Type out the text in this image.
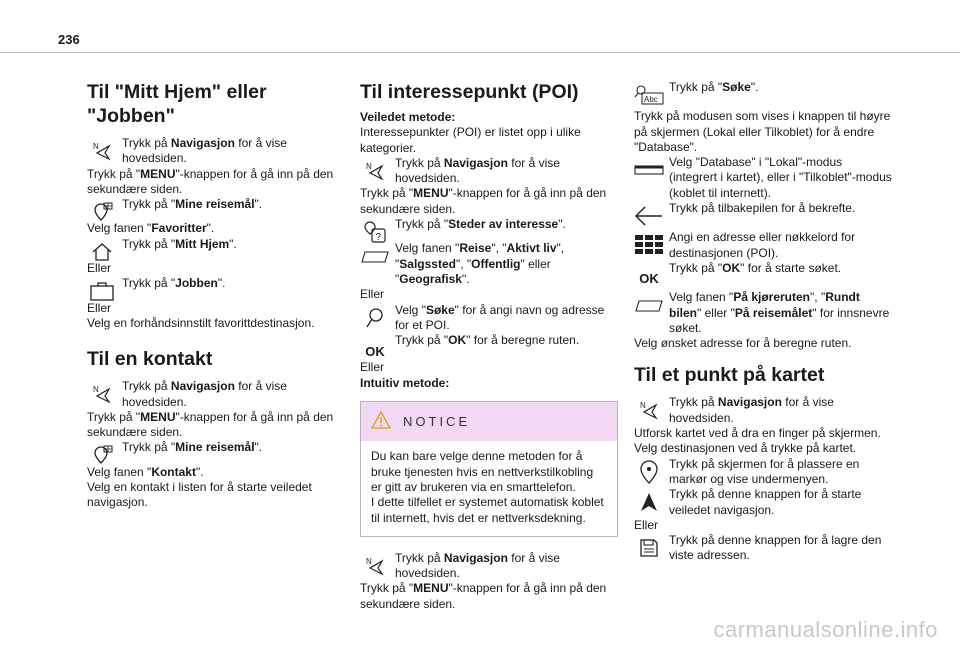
236
Til "Mitt Hjem" eller "Jobben"
N Trykk på Navigasjon for å vise hovedsiden.

Trykk på "MENU"-knappen for å gå inn på den sekundære siden.

Trykk på "Mine reisemål".

Velg fanen "Favoritter".

Trykk på "Mitt Hjem".

Eller

Trykk på "Jobben".

Eller

Velg en forhåndsinnstilt favorittdestinasjon.

Til en kontakt
N Trykk på Navigasjon for å vise hovedsiden.

Trykk på "MENU"-knappen for å gå inn på den sekundære siden.

Trykk på "Mine reisemål".

Velg fanen "Kontakt".

Velg en kontakt i listen for å starte veiledet navigasjon.

Til interessepunkt (POI)

Veiledet metode:

Interessepunkter (POI) er listet opp i ulike kategorier.

N Trykk på Navigasjon for å vise hovedsiden.

Trykk på "MENU"-knappen for å gå inn på den sekundære siden.

?

Trykk på "Steder av interesse".

Velg fanen "Reise", "Aktivt liv", "Salgssted", "Offentlig" eller "Geografisk".

Eller

Velg "Søke" for å angi navn og adresse for et POI.

OK

Trykk på "OK" for å beregne ruten.

Eller

Intuitiv metode:

NOTICE
Du kan bare velge denne metoden for å bruke tjenesten hvis en nettverkstilkobling er gitt av brukeren via en smarttelefon.
I dette tilfellet er systemet automatisk koblet til internett, hvis det er nettverksdekning.
N Trykk på Navigasjon for å vise hovedsiden.

Trykk på "MENU"-knappen for å gå inn på den sekundære siden.

Abc

Trykk på "Søke".

Trykk på modusen som vises i knappen til høyre på skjermen (Lokal eller Tilkoblet) for å endre "Database".

Velg "Database" i "Lokal"-modus (integrert i kartet), eller i "Tilkoblet"-modus (koblet til internett).

Trykk på tilbakepilen for å bekrefte.

Angi en adresse eller nøkkelord for destinasjonen (POI).

OK

Trykk på "OK" for å starte søket.

Velg fanen "På kjøreruten", "Rundt bilen" eller "På reisemålet" for innsnevre søket.

Velg ønsket adresse for å beregne ruten.

Til et punkt på kartet
N Trykk på Navigasjon for å vise hovedsiden.

Utforsk kartet ved å dra en finger på skjermen.

Velg destinasjonen ved å trykke på kartet.

Trykk på skjermen for å plassere en markør og vise undermenyen.

Trykk på denne knappen for å starte veiledet navigasjon.

Eller

Trykk på denne knappen for å lagre den viste adressen.

carmanualsonline.info
